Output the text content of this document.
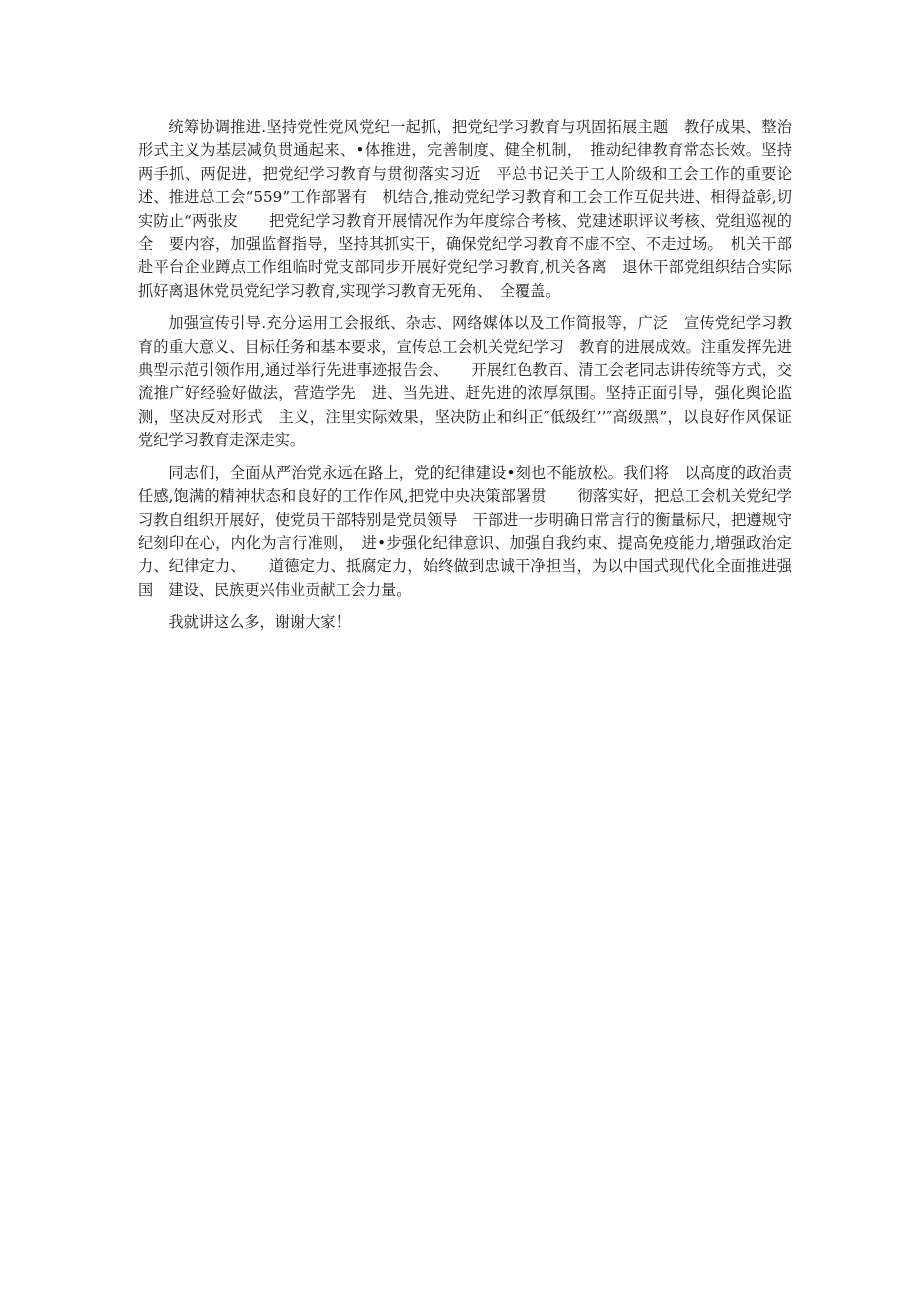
统筹协调推进.坚持党性党风党纪一起抓，把党纪学习教育与巩固拓展主题　教仔成果、整治形式主义为基层减负贯通起来、•体推进，完善制度、健全机制，　推动纪律教育常态长效。坚持两手抓、两促进，把党纪学习教育与贯彻落实习近　平总书记关于工人阶级和工会工作的重要论述、推进总工会“559”工作部署有　机结合,推动党纪学习教育和工会工作互促共进、相得益彰,切实防止“两张皮　　把党纪学习教育开展情况作为年度综合考核、党建述职评议考核、党组巡视的全　要内容，加强监督指导，坚持其抓实干，确保党纪学习教育不虚不空、不走过场。　机关干部赴平台企业蹲点工作组临时党支部同步开展好党纪学习教育,机关各离　退休干部党组织结合实际抓好离退休党员党纪学习教育,实现学习教育无死角、　全覆盖。

加强宣传引导.充分运用工会报纸、杂志、网络媒体以及工作简报等，广泛　宣传党纪学习教育的重大意义、目标任务和基本要求，宣传总工会机关党纪学习　教育的进展成效。注重发挥先进典型示范引领作用,通过举行先进事迹报告会、　　开展红色教百、清工会老同志讲传统等方式，交流推广好经验好做法，营造学先　进、当先进、赶先进的浓厚氛围。坚持正面引导，强化舆论监测，坚决反对形式　主义，注里实际效果，坚决防止和纠正″低级红’’″高级黑”，以良好作风保证　党纪学习教育走深走实。

同志们，全面从严治党永远在路上，党的纪律建设•刻也不能放松。我们将　以高度的政治责任感,饱满的精神状态和良好的工作作风,把党中央决策部署贯　　彻落实好，把总工会机关党纪学习教自组织开展好，使党员干部特别是党员领导　干部进一步明确日常言行的衡量标尺，把遵规守纪刻印在心，内化为言行准则，　进•步强化纪律意识、加强自我约束、提高免疫能力,增强政治定力、纪律定力、　　道德定力、抵腐定力，始终做到忠诚干净担当，为以中国式现代化全面推进强国　建设、民族更兴伟业贡献工会力量。

我就讲这么多，谢谢大家！
